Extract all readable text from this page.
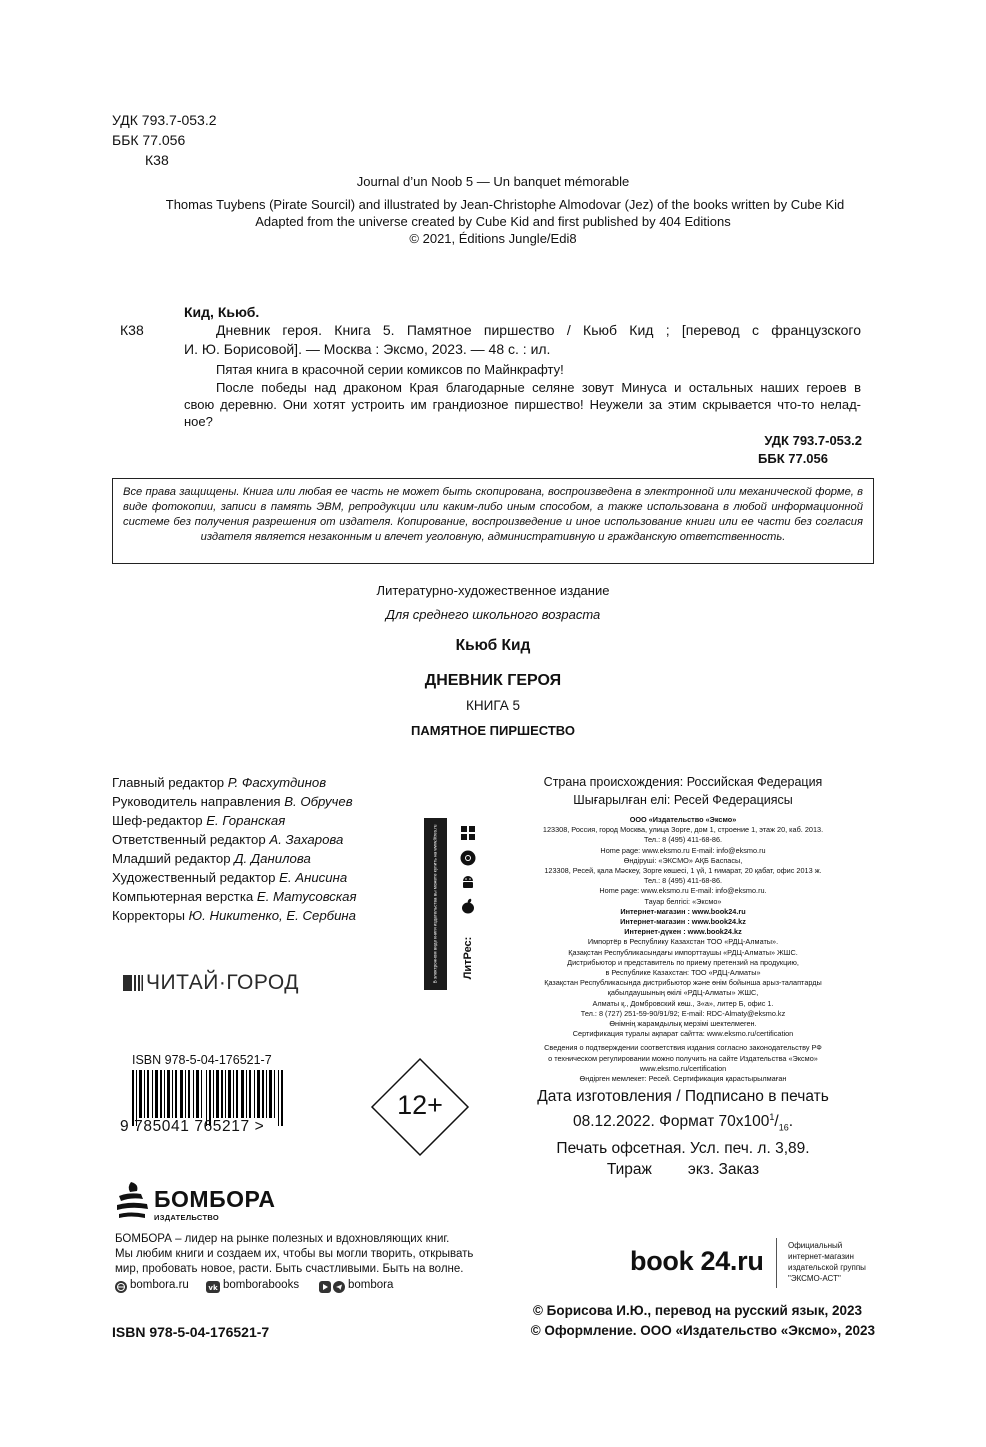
УДК 793.7-053.2
ББК 77.056
К38
Journal d’un Noob 5 — Un banquet mémorable
Thomas Tuybens (Pirate Sourcil) and illustrated by Jean-Christophe Almodovar (Jez) of the books written by Cube Kid
Adapted from the universe created by Cube Kid and first published by 404 Editions
© 2021, Éditions Jungle/Edi8
Кид, Кьюб.
К38	Дневник героя. Книга 5. Памятное пиршество / Кьюб Кид ; [перевод с французского
И. Ю. Борисовой]. — Москва : Эксмо, 2023. — 48 с. : ил.
Пятая книга в красочной серии комиксов по Майнкрафту!
После победы над драконом Края благодарные селяне зовут Минуса и остальных наших героев в
свою деревню. Они хотят устроить им грандиозное пиршество! Неужели за этим скрывается что-то нелад-
ное?
УДК 793.7-053.2
ББК 77.056

Все права защищены. Книга или любая ее часть не может быть скопирована, воспроизведена в электронной или механической форме, в виде фотокопии, записи в память ЭВМ, репродукции или каким-либо иным способом, а также использована в любой информационной системе без получения разрешения от издателя. Копирование, воспроизведение и иное использование книги или ее части без согласия издателя является незаконным и влечет уголовную, административную и гражданскую ответственность.

Литературно-художественное издание
Для среднего школьного возраста
Кьюб Кид
ДНЕВНИК ГЕРОЯ
КНИГА 5
ПАМЯТНОЕ ПИРШЕСТВО
Главный редактор Р. Фасхутдинов
Руководитель направления В. Обручев
Шеф-редактор Е. Горанская
Ответственный редактор А. Захарова
Младший редактор Д. Данилова
Художественный редактор Е. Анисина
Компьютерная верстка Е. Матусовская
Корректоры Ю. Никитенко, Е. Сербина	В электронном виде книги издательства вы можете купить на www.litres.ru ЛитРес:
ЧИТАЙ·ГОРОД
ISBN 978-5-04-176521-7
9 785041 765217 >
12+
БОМБОРА
ИЗДАТЕЛЬСТВО
БОМБОРА – лидер на рынке полезных и вдохновляющих книг.
Мы любим книги и создаем их, чтобы вы могли творить, открывать
мир, пробовать новое, расти. Быть счастливыми. Быть на волне.
bombora.ru	vk bomborabooks	bombora
ISBN 978-5-04-176521-7
Страна происхождения: Российская Федерация
Шығарылған елі: Ресей Федерациясы
ООО «Издательство «Эксмо»
123308, Россия, город Москва, улица Зорге, дом 1, строение 1, этаж 20, каб. 2013.
Тел.: 8 (495) 411-68-86.
Home page: www.eksmo.ru E-mail: info@eksmo.ru
Өндіруші: «ЭКСМО» АҚБ Баспасы,
123308, Ресей, қала Мәскеу, Зорге көшесі, 1 үй, 1 ғимарат, 20 қабат, офис 2013 ж.
Тел.: 8 (495) 411-68-86.
Home page: www.eksmo.ru E-mail: info@eksmo.ru.
Тауар белгісі: «Эксмо»
Интернет-магазин : www.book24.ru
Интернет-магазин : www.book24.kz
Интернет-дүкен : www.book24.kz
Импортёр в Республику Казахстан ТОО «РДЦ-Алматы».
Қазақстан Республикасындағы импорттаушы «РДЦ-Алматы» ЖШС.
Дистрибьютор и представитель по приему претензий на продукцию,
в Республике Казахстан: ТОО «РДЦ-Алматы»
Қазақстан Республикасында дистрибьютор және өнім бойынша арыз-талаптарды
қабылдаушының өкілі «РДЦ-Алматы» ЖШС,
Алматы қ., Домбровский көш., 3«а», литер Б, офис 1.
Тел.: 8 (727) 251-59-90/91/92; E-mail: RDC-Almaty@eksmo.kz
Өнімнің жарамдылық мерзімі шектелмеген.
Сертификация туралы ақпарат сайтта: www.eksmo.ru/certification
Сведения о подтверждении соответствия издания согласно законодательству РФ
о техническом регулировании можно получить на сайте Издательства «Эксмо»
www.eksmo.ru/certification
Өндірген мемлекет: Ресей. Сертификация қарастырылмаған
Дата изготовления / Подписано в печать
08.12.2022. Формат $70x100^1/_{16}$.
Печать офсетная. Усл. печ. л. 3,89.
Тираж экз. Заказ
book 24.ru
Официальный
интернет-магазин
издательской группы
"ЭКСМО-АСТ"
© Борисова И.Ю., перевод на русский язык, 2023
© Оформление. ООО «Издательство «Эксмо», 2023
